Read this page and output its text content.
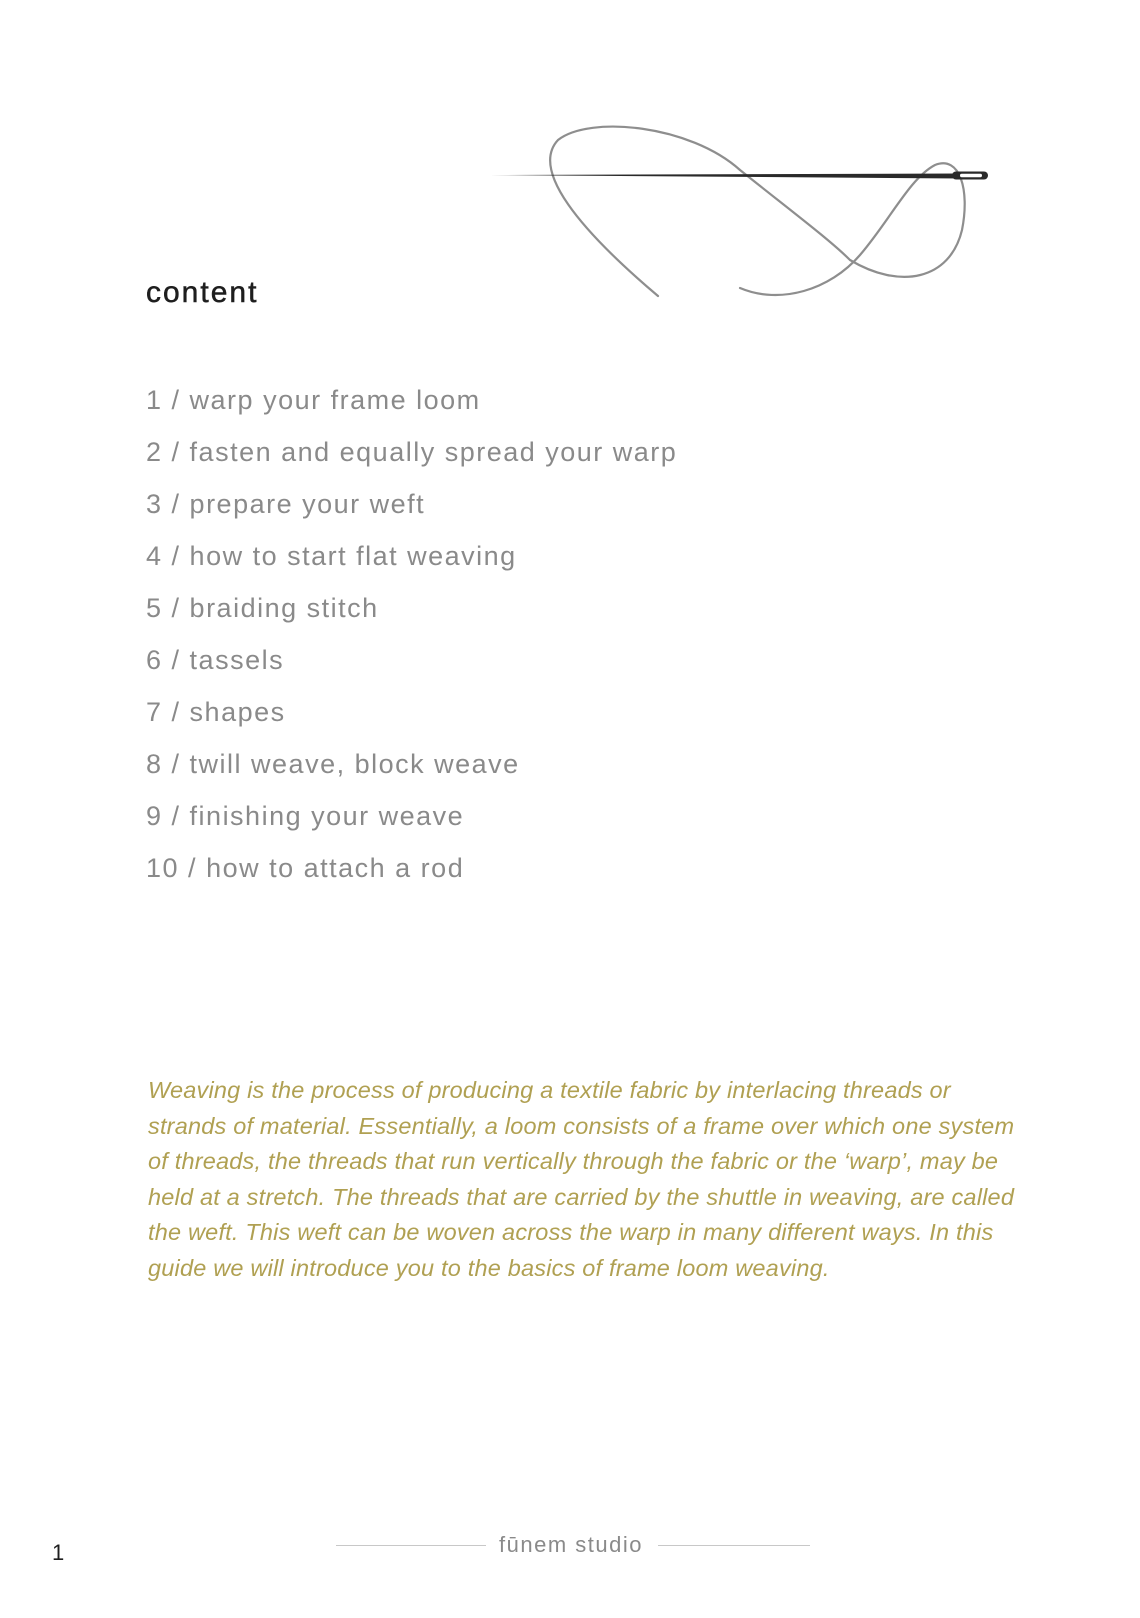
content
1 / warp your frame loom
2 / fasten and equally spread your warp
3 / prepare your weft
4 / how to start flat weaving
5 / braiding stitch
6 / tassels
7 / shapes
8 / twill weave, block weave
9 / finishing your weave
10 / how to attach a rod

Weaving is the process of producing a textile fabric by interlacing threads or strands of material. Essentially, a loom consists of a frame over which one system of threads, the threads that run vertically through the fabric or the ‘warp’, may be held at a stretch. The threads that are carried by the shuttle in weaving, are called the weft. This weft can be woven across the warp in many different ways. In this guide we will introduce you to the basics of frame loom weaving.

fūnem studio
1
